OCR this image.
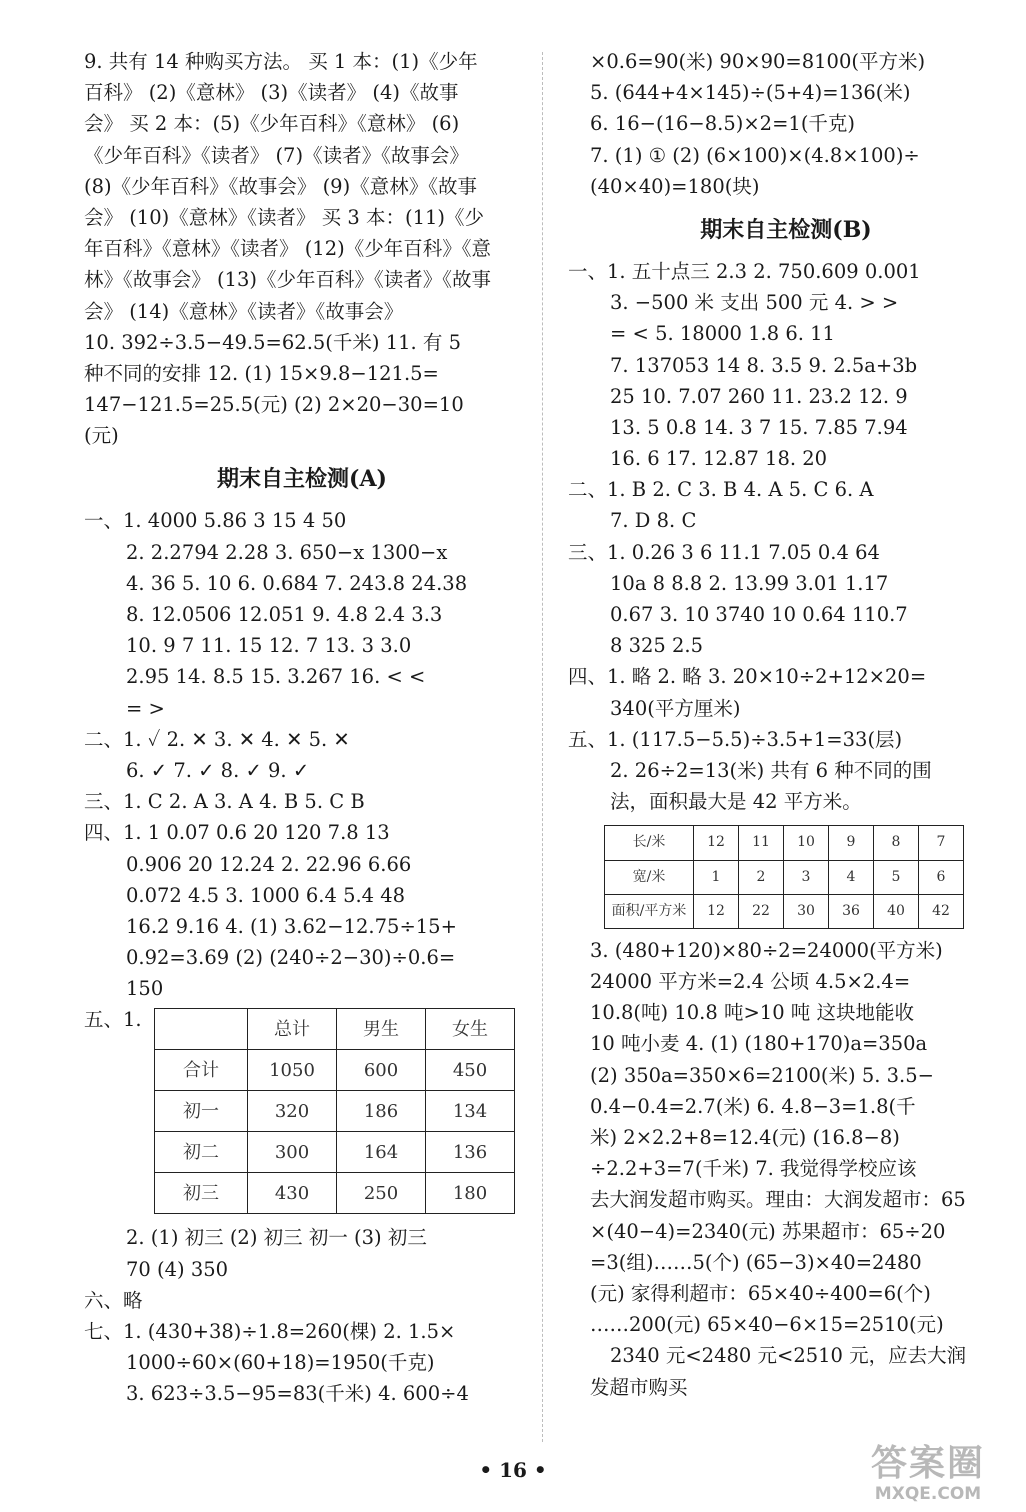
9. 共有 14 种购买方法。 买 1 本：(1)《少年
百科》 (2)《意林》 (3)《读者》 (4)《故事
会》 买 2 本：(5)《少年百科》《意林》 (6)
《少年百科》《读者》 (7)《读者》《故事会》
(8)《少年百科》《故事会》 (9)《意林》《故事
会》 (10)《意林》《读者》 买 3 本：(11)《少
年百科》《意林》《读者》 (12)《少年百科》《意
林》《故事会》 (13)《少年百科》《读者》《故事
会》 (14)《意林》《读者》《故事会》
10. 392÷3.5−49.5=62.5(千米) 11. 有 5
种不同的安排 12. (1) 15×9.8−121.5=
147−121.5=25.5(元) (2) 2×20−30=10
(元)
期末自主检测(A)
一、1. 4000 5.86 3 15 4 50
2. 2.2794 2.28 3. 650−x 1300−x
4. 36 5. 10 6. 0.684 7. 243.8 24.38
8. 12.0506 12.051 9. 4.8 2.4 3.3
10. 9 7 11. 15 12. 7 13. 3 3.0
2.95 14. 8.5 15. 3.267 16. < <
= >
二、1. ✓ 2. ✕ 3. ✕ 4. ✕ 5. ✕
6. ✓ 7. ✓ 8. ✓ 9. ✓
三、1. C 2. A 3. A 4. B 5. C B
四、1. 1 0.07 0.6 20 120 7.8 13
0.906 20 12.24 2. 22.96 6.66
0.072 4.5 3. 1000 6.4 5.4 48
16.2 9.16 4. (1) 3.62−12.75÷15+
0.92=3.69 (2) (240÷2−30)÷0.6=
150
五、1.
		总计	男生	女生
合计	1050	600	450
初一	320	186	134
初二	300	164	136
初三	430	250	180
2. (1) 初三 (2) 初三 初一 (3) 初三
70 (4) 350
六、略
七、1. (430+38)÷1.8=260(棵) 2. 1.5×
1000÷60×(60+18)=1950(千克)
3. 623÷3.5−95=83(千米) 4. 600÷4
×0.6=90(米) 90×90=8100(平方米)
5. (644+4×145)÷(5+4)=136(米)
6. 16−(16−8.5)×2=1(千克)
7. (1) ① (2) (6×100)×(4.8×100)÷
(40×40)=180(块)
期末自主检测(B)
一、1. 五十点三 2.3 2. 750.609 0.001
3. −500 米 支出 500 元 4. > >
= < 5. 18000 1.8 6. 11
7. 137053 14 8. 3.5 9. 2.5a+3b
25 10. 7.07 260 11. 23.2 12. 9
13. 5 0.8 14. 3 7 15. 7.85 7.94
16. 6 17. 12.87 18. 20
二、1. B 2. C 3. B 4. A 5. C 6. A
7. D 8. C
三、1. 0.26 3 6 11.1 7.05 0.4 64
10a 8 8.8 2. 13.99 3.01 1.17
0.67 3. 10 3740 10 0.64 110.7
8 325 2.5
四、1. 略 2. 略 3. 20×10÷2+12×20=
340(平方厘米)
五、1. (117.5−5.5)÷3.5+1=33(层)
2. 26÷2=13(米) 共有 6 种不同的围
法，面积最大是 42 平方米。
长/米	12	11	10	9	8	7
宽/米	1	2	3	4	5	6
面积/平方米	12	22	30	36	40	42
3. (480+120)×80÷2=24000(平方米)
24000 平方米=2.4 公顷 4.5×2.4=
10.8(吨) 10.8 吨>10 吨 这块地能收
10 吨小麦 4. (1) (180+170)a=350a
(2) 350a=350×6=2100(米) 5. 3.5−
0.4−0.4=2.7(米) 6. 4.8−3=1.8(千
米) 2×2.2+8=12.4(元) (16.8−8)
÷2.2+3=7(千米) 7. 我觉得学校应该
去大润发超市购买。理由：大润发超市：65
×(40−4)=2340(元) 苏果超市：65÷20
=3(组)……5(个) (65−3)×40=2480
(元) 家得利超市：65×40÷400=6(个)
……200(元) 65×40−6×15=2510(元)
2340 元<2480 元<2510 元，应去大润
发超市购买
• 16 •	答案圈
MXQE.COM
